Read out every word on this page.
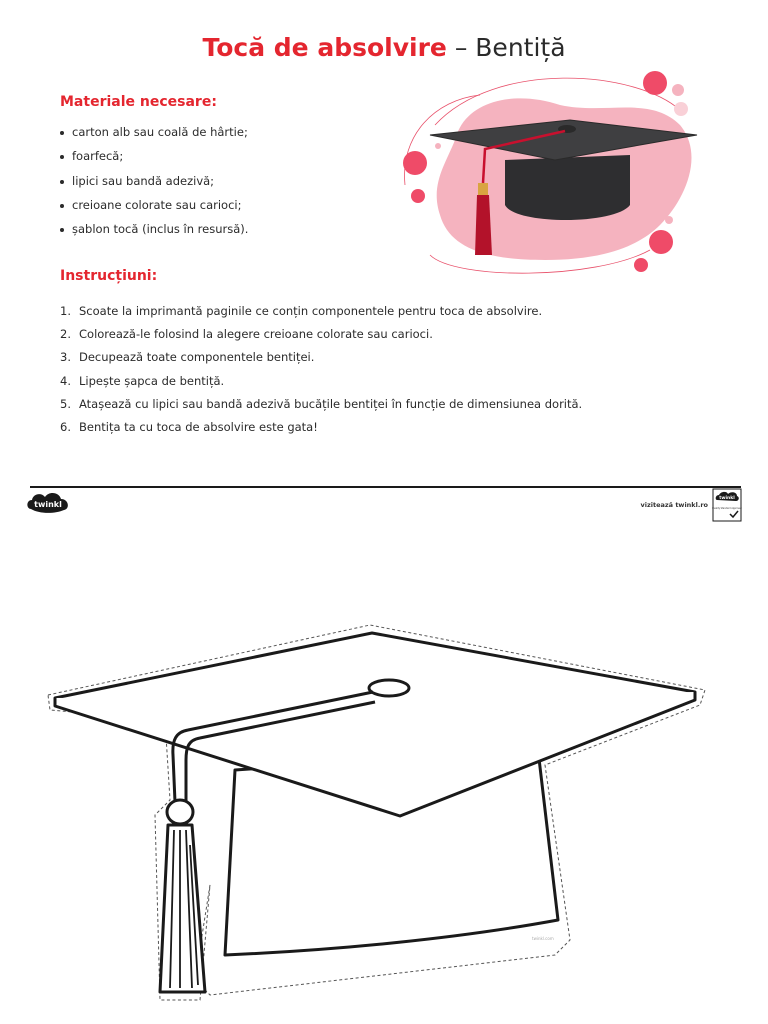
Tocă de absolvire – Bentiță
Materiale necesare:
carton alb sau coală de hârtie;
foarfecă;
lipici sau bandă adezivă;
creioane colorate sau carioci;
șablon tocă (inclus în resursă).
Instrucțiuni:
1. Scoate la imprimantă paginile ce conțin componentele pentru toca de absolvire.
2. Colorează-le folosind la alegere creioane colorate sau carioci.
3. Decupează toate componentele bentiței.
4. Lipește șapca de bentiță.
5. Atașează cu lipici sau bandă adezivă bucățile bentiței în funcție de dimensiunea dorită.
6. Bentița ta cu toca de absolvire este gata!
twinkl	vizitează twinkl.ro
twinkl
Quality Standard Approved
twinkl.com
